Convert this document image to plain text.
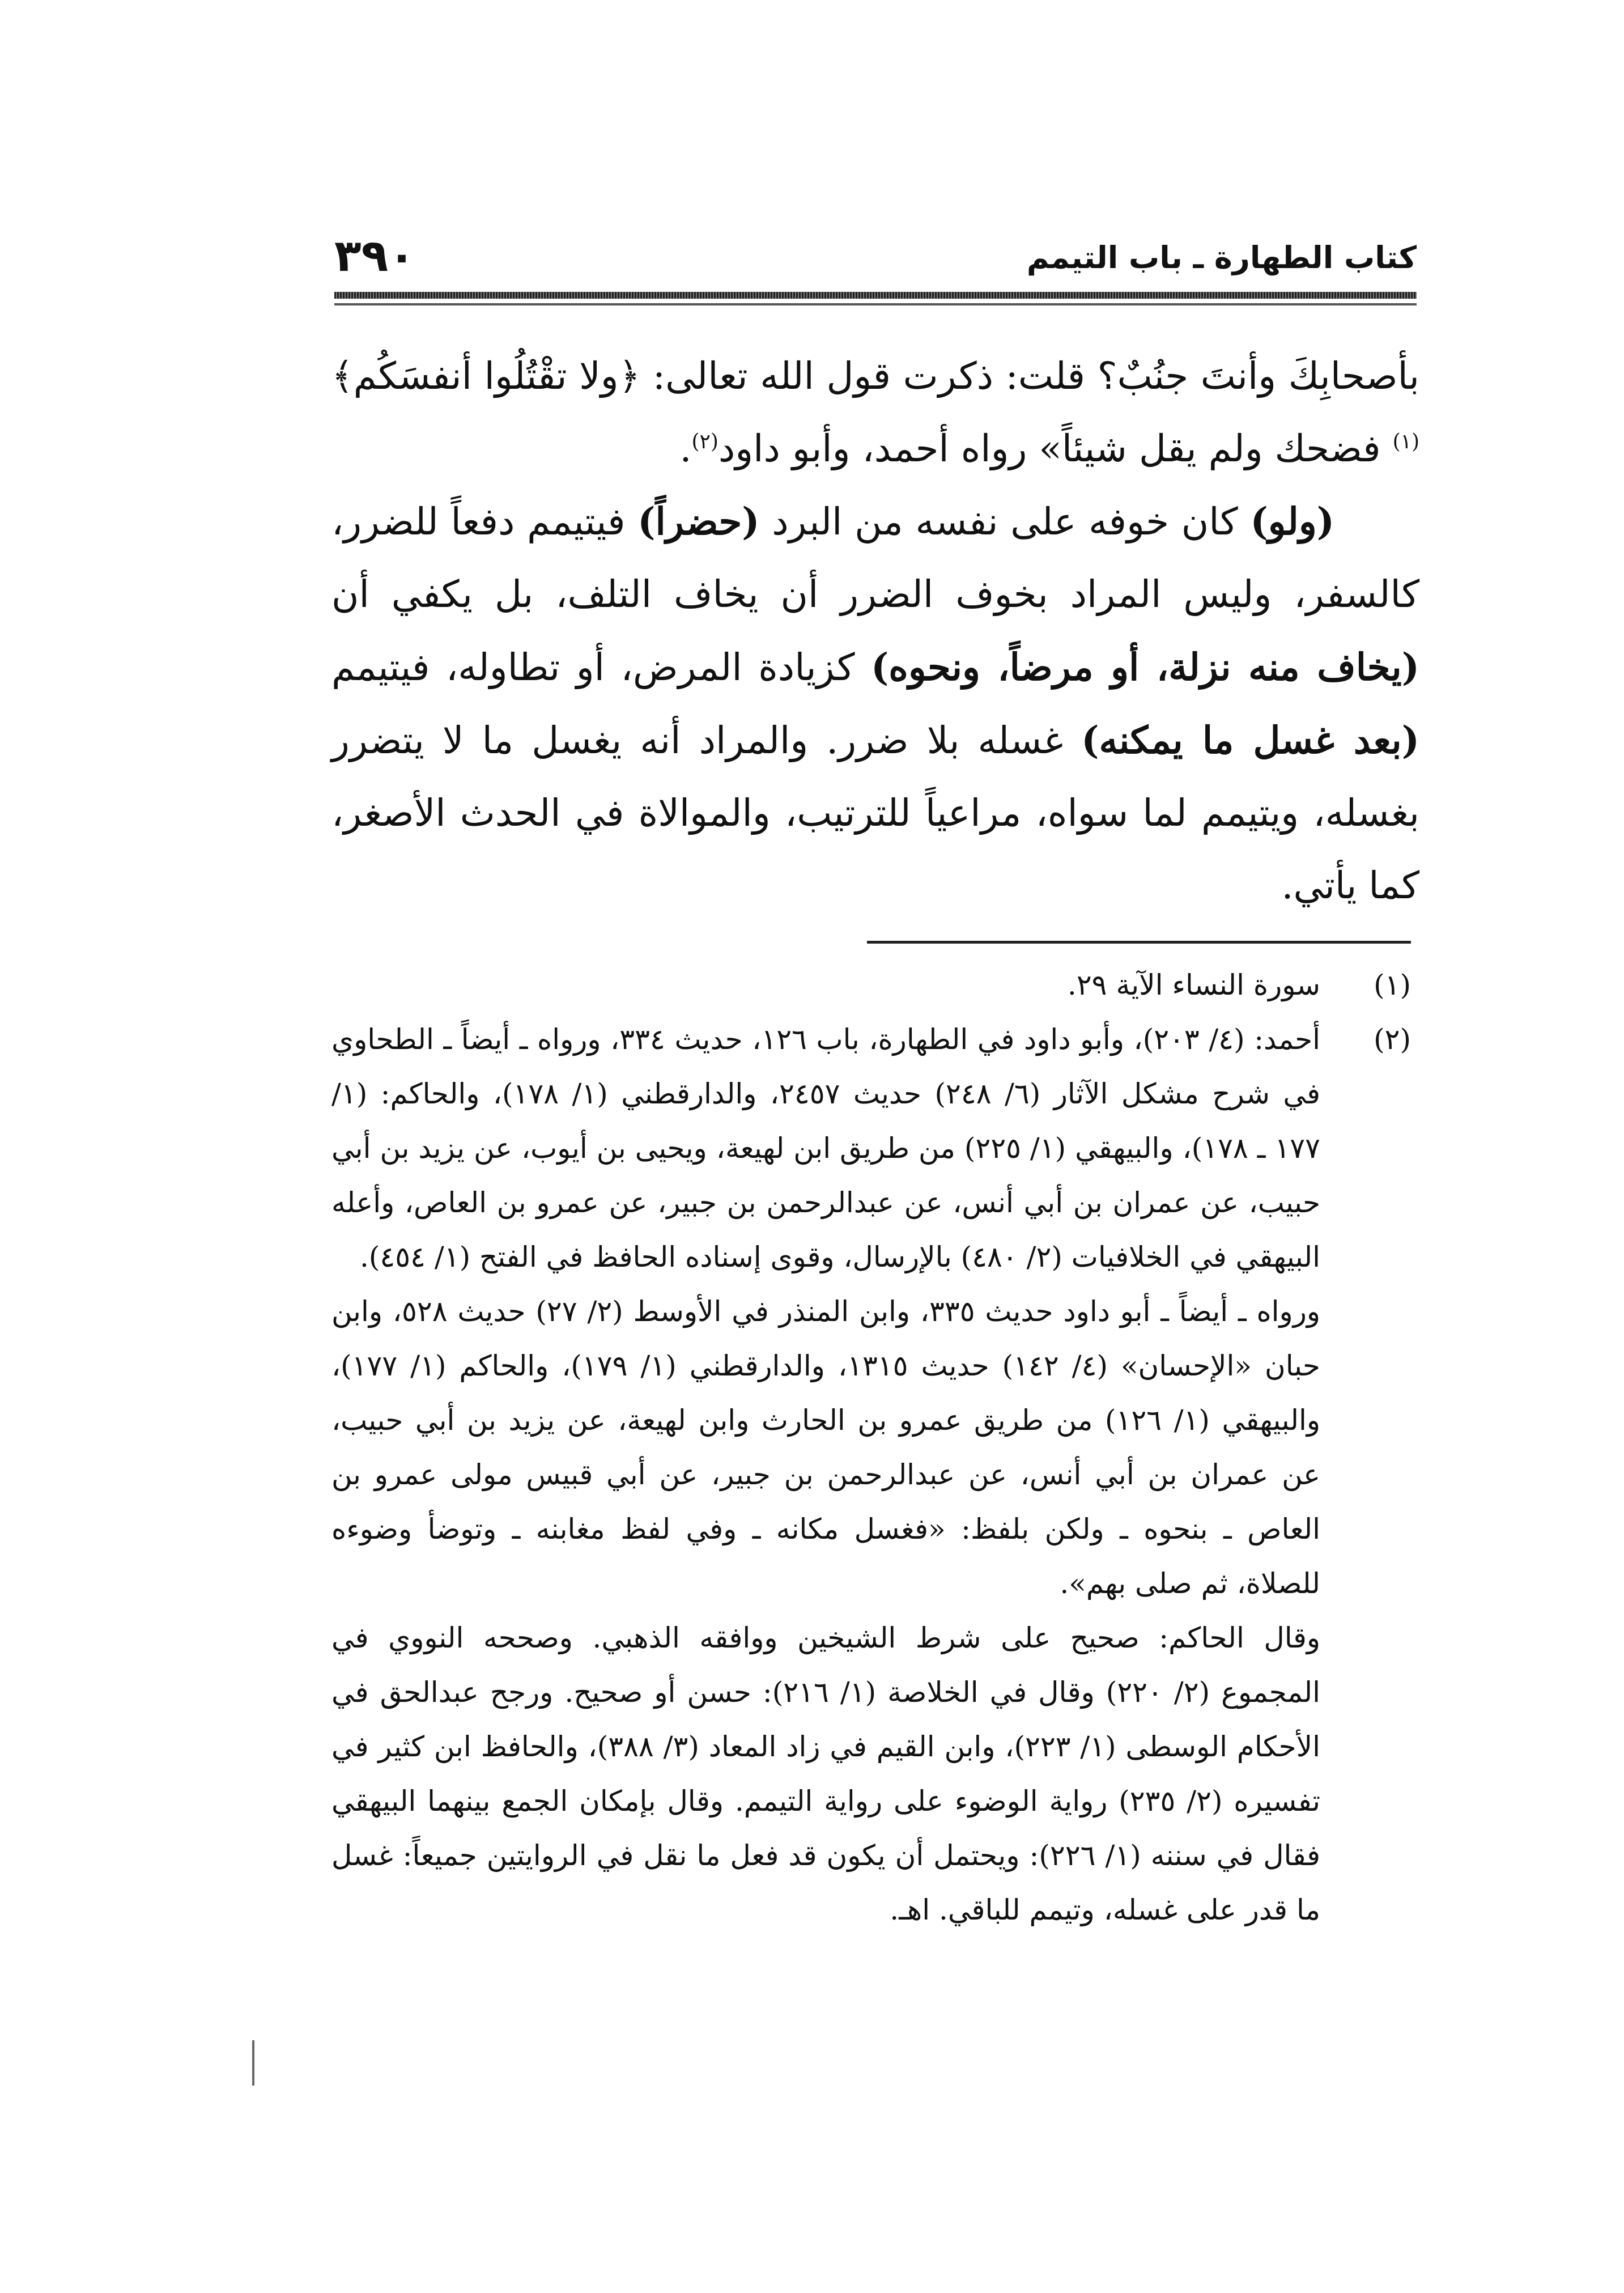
كتاب الطهارة ـ باب التيمم
٣٩٠

بأصحابِكَ وأنتَ جنُبٌ؟ قلت: ذكرت قول الله تعالى: ﴿ولا تقْتُلُوا أنفسَكُم﴾$^{(١)}$ فضحك ولم يقل شيئاً» رواه أحمد، وأبو داود$^{(٢)}$.

(ولو) كان خوفه على نفسه من البرد (حضراً) فيتيمم دفعاً للضرر، كالسفر، وليس المراد بخوف الضرر أن يخاف التلف، بل يكفي أن (يخاف منه نزلة، أو مرضاً، ونحوه) كزيادة المرض، أو تطاوله، فيتيمم (بعد غسل ما يمكنه) غسله بلا ضرر. والمراد أنه يغسل ما لا يتضرر بغسله، ويتيمم لما سواه، مراعياً للترتيب، والموالاة في الحدث الأصغر، كما يأتي.

(١)

سورة النساء الآية ٢٩.

(٢)

أحمد: (٤/ ٢٠٣)، وأبو داود في الطهارة، باب ١٢٦، حديث ٣٣٤، ورواه ـ أيضاً ـ الطحاوي في شرح مشكل الآثار (٦/ ٢٤٨) حديث ٢٤٥٧، والدارقطني (١/ ١٧٨)، والحاكم: (١/ ١٧٧ ـ ١٧٨)، والبيهقي (١/ ٢٢٥) من طريق ابن لهيعة، ويحيى بن أيوب، عن يزيد بن أبي حبيب، عن عمران بن أبي أنس، عن عبدالرحمن بن جبير، عن عمرو بن العاص، وأعله البيهقي في الخلافيات (٢/ ٤٨٠) بالإرسال، وقوى إسناده الحافظ في الفتح (١/ ٤٥٤).

ورواه ـ أيضاً ـ أبو داود حديث ٣٣٥، وابن المنذر في الأوسط (٢/ ٢٧) حديث ٥٢٨، وابن حبان «الإحسان» (٤/ ١٤٢) حديث ١٣١٥، والدارقطني (١/ ١٧٩)، والحاكم (١/ ١٧٧)، والبيهقي (١/ ١٢٦) من طريق عمرو بن الحارث وابن لهيعة، عن يزيد بن أبي حبيب، عن عمران بن أبي أنس، عن عبدالرحمن بن جبير، عن أبي قبيس مولى عمرو بن العاص ـ بنحوه ـ ولكن بلفظ: «فغسل مكانه ـ وفي لفظ مغابنه ـ وتوضأ وضوءه للصلاة، ثم صلى بهم».

وقال الحاكم: صحيح على شرط الشيخين ووافقه الذهبي. وصححه النووي في المجموع (٢/ ٢٢٠) وقال في الخلاصة (١/ ٢١٦): حسن أو صحيح. ورجح عبدالحق في الأحكام الوسطى (١/ ٢٢٣)، وابن القيم في زاد المعاد (٣/ ٣٨٨)، والحافظ ابن كثير في تفسيره (٢/ ٢٣٥) رواية الوضوء على رواية التيمم. وقال بإمكان الجمع بينهما البيهقي فقال في سننه (١/ ٢٢٦): ويحتمل أن يكون قد فعل ما نقل في الروايتين جميعاً: غسل ما قدر على غسله، وتيمم للباقي. اهـ.
